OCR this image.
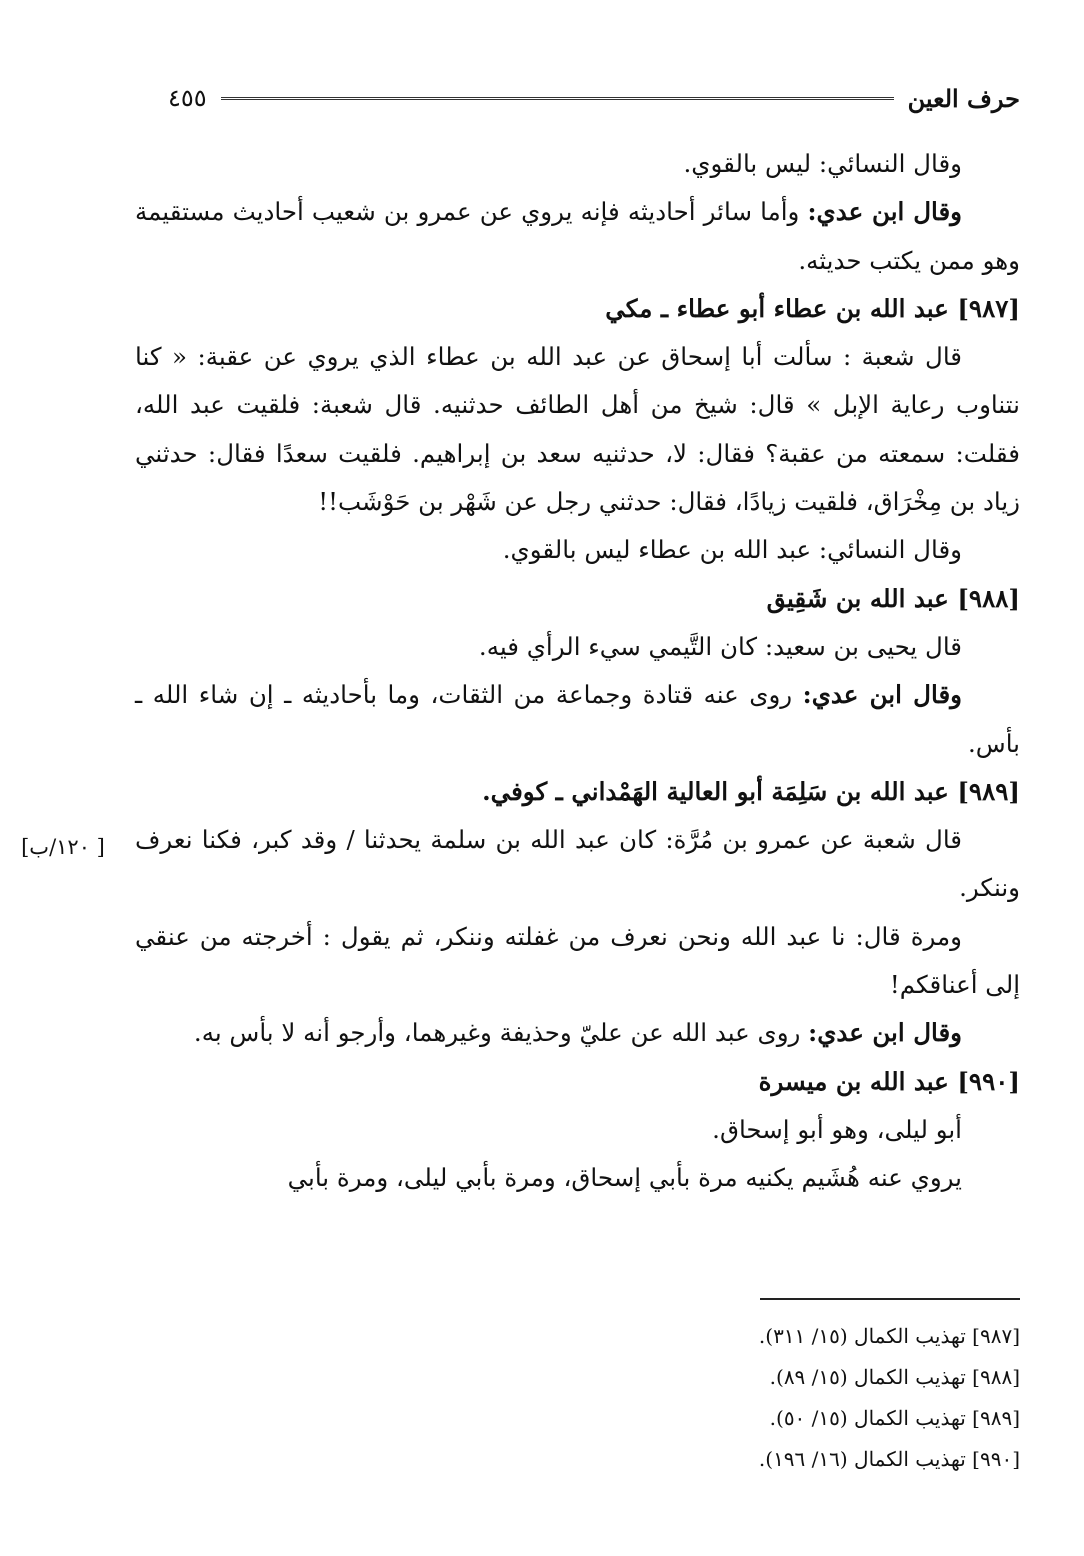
حرف العين
٤٥٥

وقال النسائي: ليس بالقوي.

وقال ابن عدي: وأما سائر أحاديثه فإنه يروي عن عمرو بن شعيب أحاديث مستقيمة وهو ممن يكتب حديثه.

[٩٨٧] عبد الله بن عطاء أبو عطاء ـ مكي

قال شعبة : سألت أبا إسحاق عن عبد الله بن عطاء الذي يروي عن عقبة: « كنا نتناوب رعاية الإبل » قال: شيخ من أهل الطائف حدثنيه. قال شعبة: فلقيت عبد الله، فقلت: سمعته من عقبة؟ فقال: لا، حدثنيه سعد بن إبراهيم. فلقيت سعدًا فقال: حدثني زياد بن مِخْرَاق، فلقيت زيادًا، فقال: حدثني رجل عن شَهْر بن حَوْشَب!!

وقال النسائي: عبد الله بن عطاء ليس بالقوي.

[٩٨٨] عبد الله بن شَقِيق

قال يحيى بن سعيد: كان التَّيمي سيء الرأي فيه.

وقال ابن عدي: روى عنه قتادة وجماعة من الثقات، وما بأحاديثه ـ إن شاء الله ـ بأس.

[٩٨٩] عبد الله بن سَلِمَة أبو العالية الهَمْداني ـ كوفي.

قال شعبة عن عمرو بن مُرَّة: كان عبد الله بن سلمة يحدثنا / وقد كبر، فكنا نعرف وننكر.

ومرة قال: نا عبد الله ونحن نعرف من غفلته وننكر، ثم يقول : أخرجته من عنقي إلى أعناقكم!

وقال ابن عدي: روى عبد الله عن عليّ وحذيفة وغيرهما، وأرجو أنه لا بأس به.

[٩٩٠] عبد الله بن ميسرة

أبو ليلى، وهو أبو إسحاق.

يروي عنه هُشَيم يكنيه مرة بأبي إسحاق، ومرة بأبي ليلى، ومرة بأبي

[ ١٢٠/ب]
[٩٨٧] تهذيب الكمال (١٥/ ٣١١).
[٩٨٨] تهذيب الكمال (١٥/ ٨٩).
[٩٨٩] تهذيب الكمال (١٥/ ٥٠).
[٩٩٠] تهذيب الكمال (١٦/ ١٩٦).
